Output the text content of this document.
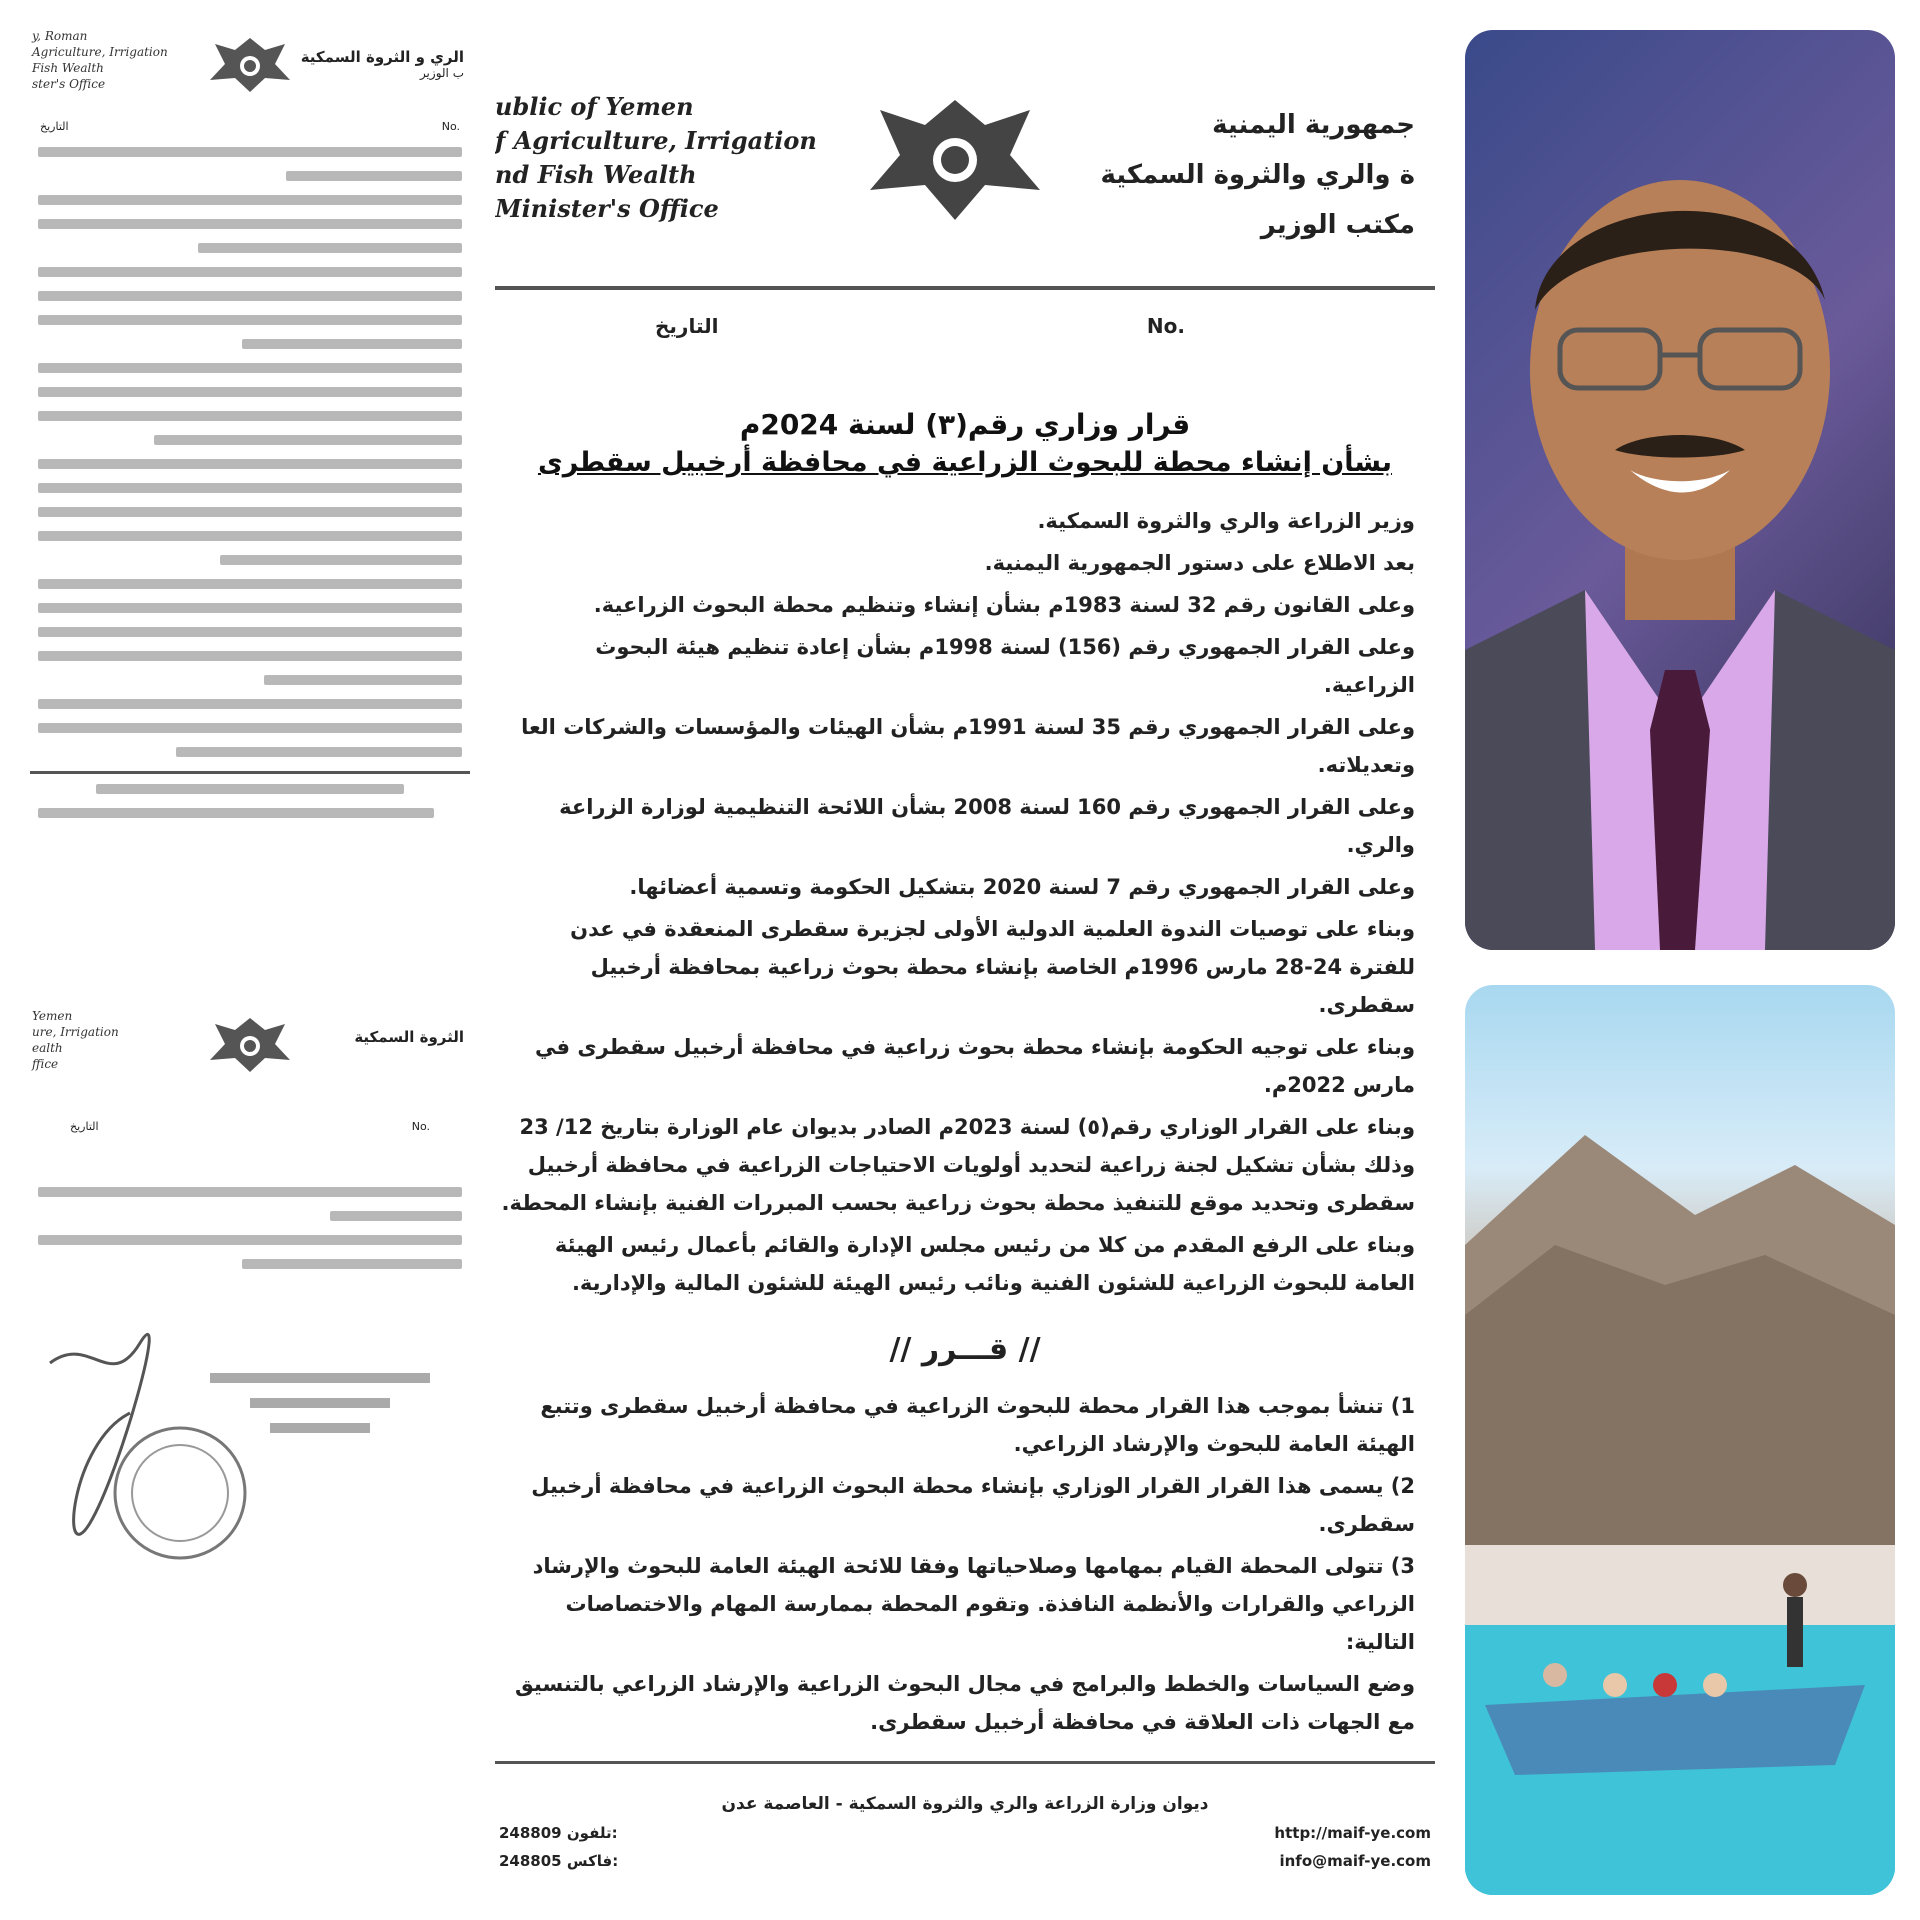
y, Roman
Agriculture, Irrigation
Fish Wealth
ster's Office
الري و الثروة السمكية
ب الوزير
التاريخ	No.
Yemen
ure, Irrigation
ealth
ffice
الثروة السمكية
التاريخ	No.
ublic of Yemen
f Agriculture, Irrigation
nd Fish Wealth
Minister's Office
جمهورية اليمنية
ة والري والثروة السمكية
مكتب الوزير
التاريخ	No.
قرار وزاري رقم(٣) لسنة 2024م
بشأن إنشاء محطة للبحوث الزراعية في محافظة أرخبيل سقطرى

وزير الزراعة والري والثروة السمكية.

بعد الاطلاع على دستور الجمهورية اليمنية.

وعلى القانون رقم 32 لسنة 1983م بشأن إنشاء وتنظيم محطة البحوث الزراعية.

وعلى القرار الجمهوري رقم (156) لسنة 1998م بشأن إعادة تنظيم هيئة البحوث الزراعية.

وعلى القرار الجمهوري رقم 35 لسنة 1991م بشأن الهيئات والمؤسسات والشركات العا وتعديلاته.

وعلى القرار الجمهوري رقم 160 لسنة 2008 بشأن اللائحة التنظيمية لوزارة الزراعة والري.

وعلى القرار الجمهوري رقم 7 لسنة 2020 بتشكيل الحكومة وتسمية أعضائها.

وبناء على توصيات الندوة العلمية الدولية الأولى لجزيرة سقطرى المنعقدة في عدن للفترة 24-28 مارس 1996م الخاصة بإنشاء محطة بحوث زراعية بمحافظة أرخبيل سقطرى.

وبناء على توجيه الحكومة بإنشاء محطة بحوث زراعية في محافظة أرخبيل سقطرى في مارس 2022م.

وبناء على القرار الوزاري رقم(٥) لسنة 2023م الصادر بديوان عام الوزارة بتاريخ 12/ 23 وذلك بشأن تشكيل لجنة زراعية لتحديد أولويات الاحتياجات الزراعية في محافظة أرخبيل سقطرى وتحديد موقع للتنفيذ محطة بحوث زراعية بحسب المبررات الفنية بإنشاء المحطة.

وبناء على الرفع المقدم من كلا من رئيس مجلس الإدارة والقائم بأعمال رئيس الهيئة العامة للبحوث الزراعية للشئون الفنية ونائب رئيس الهيئة للشئون المالية والإدارية.

// قـــرر //

1) تنشأ بموجب هذا القرار محطة للبحوث الزراعية في محافظة أرخبيل سقطرى وتتبع الهيئة العامة للبحوث والإرشاد الزراعي.

2) يسمى هذا القرار القرار الوزاري بإنشاء محطة البحوث الزراعية في محافظة أرخبيل سقطرى.

3) تتولى المحطة القيام بمهامها وصلاحياتها وفقا للائحة الهيئة العامة للبحوث والإرشاد الزراعي والقرارات والأنظمة النافذة. وتقوم المحطة بممارسة المهام والاختصاصات التالية:

وضع السياسات والخطط والبرامج في مجال البحوث الزراعية والإرشاد الزراعي بالتنسيق مع الجهات ذات العلاقة في محافظة أرخبيل سقطرى.

ديوان وزارة الزراعة والري والثروة السمكية - العاصمة عدن
248809 تلفون:	http://maif-ye.com
248805 فاكس:	info@maif-ye.com
